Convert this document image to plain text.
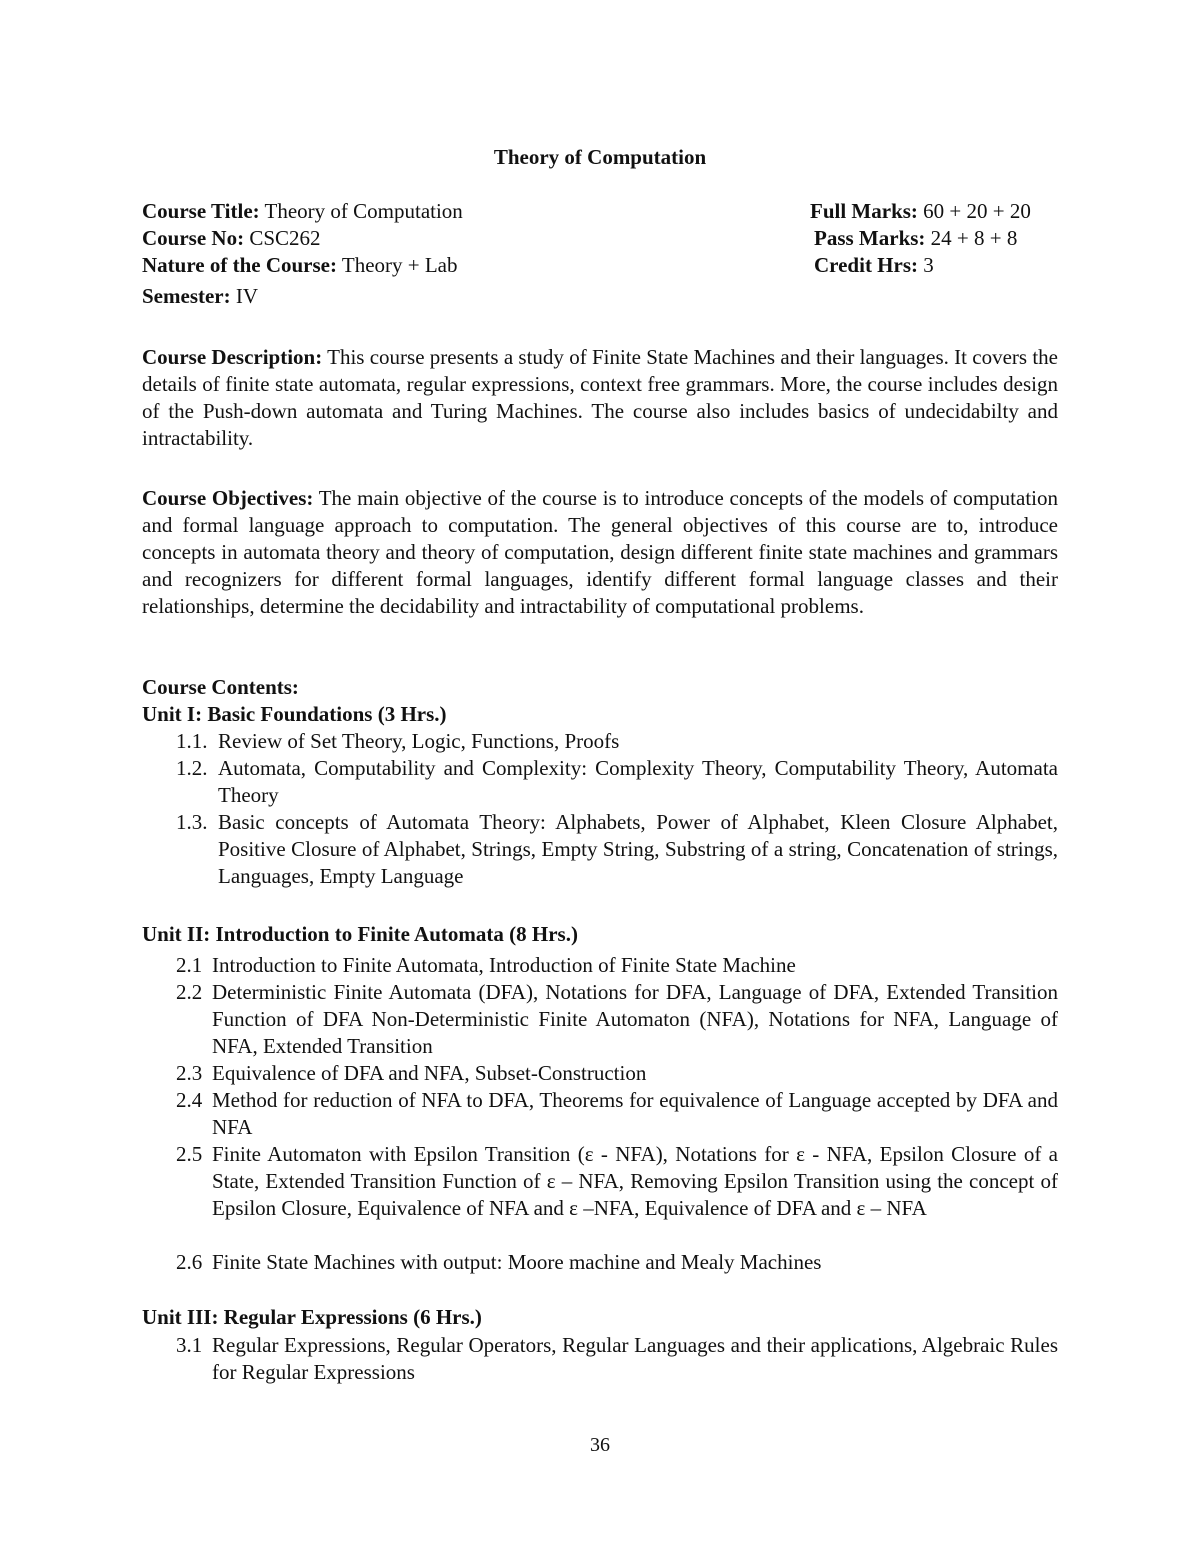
Theory of Computation
Course Title: Theory of Computation
Course No: CSC262
Nature of the Course: Theory + Lab
Semester: IV
Full Marks: 60 + 20 + 20
Pass Marks: 24 + 8 + 8
Credit Hrs: 3
Course Description: This course presents a study of Finite State Machines and their languages. It covers the details of finite state automata, regular expressions, context free grammars. More, the course includes design of the Push-down automata and Turing Machines. The course also includes basics of undecidabilty and intractability.
Course Objectives: The main objective of the course is to introduce concepts of the models of computation and formal language approach to computation. The general objectives of this course are to, introduce concepts in automata theory and theory of computation, design different finite state machines and grammars and recognizers for different formal languages, identify different formal language classes and their relationships, determine the decidability and intractability of computational problems.
Course Contents:
Unit I: Basic Foundations (3 Hrs.)
1.1. Review of Set Theory, Logic, Functions, Proofs
1.2. Automata, Computability and Complexity: Complexity Theory, Computability Theory, Automata Theory
1.3. Basic concepts of Automata Theory: Alphabets, Power of Alphabet, Kleen Closure Alphabet, Positive Closure of Alphabet, Strings, Empty String, Substring of a string, Concatenation of strings, Languages, Empty Language
Unit II: Introduction to Finite Automata (8 Hrs.)
2.1 Introduction to Finite Automata, Introduction of Finite State Machine
2.2 Deterministic Finite Automata (DFA), Notations for DFA, Language of DFA, Extended Transition Function of DFA Non-Deterministic Finite Automaton (NFA), Notations for NFA, Language of NFA, Extended Transition
2.3 Equivalence of DFA and NFA, Subset-Construction
2.4 Method for reduction of NFA to DFA, Theorems for equivalence of Language accepted by DFA and NFA
2.5 Finite Automaton with Epsilon Transition (ε - NFA), Notations for ε - NFA, Epsilon Closure of a State, Extended Transition Function of ε – NFA, Removing Epsilon Transition using the concept of Epsilon Closure, Equivalence of NFA and ε –NFA, Equivalence of DFA and ε – NFA
2.6 Finite State Machines with output: Moore machine and Mealy Machines
Unit III: Regular Expressions (6 Hrs.)
3.1 Regular Expressions, Regular Operators, Regular Languages and their applications, Algebraic Rules for Regular Expressions
36
